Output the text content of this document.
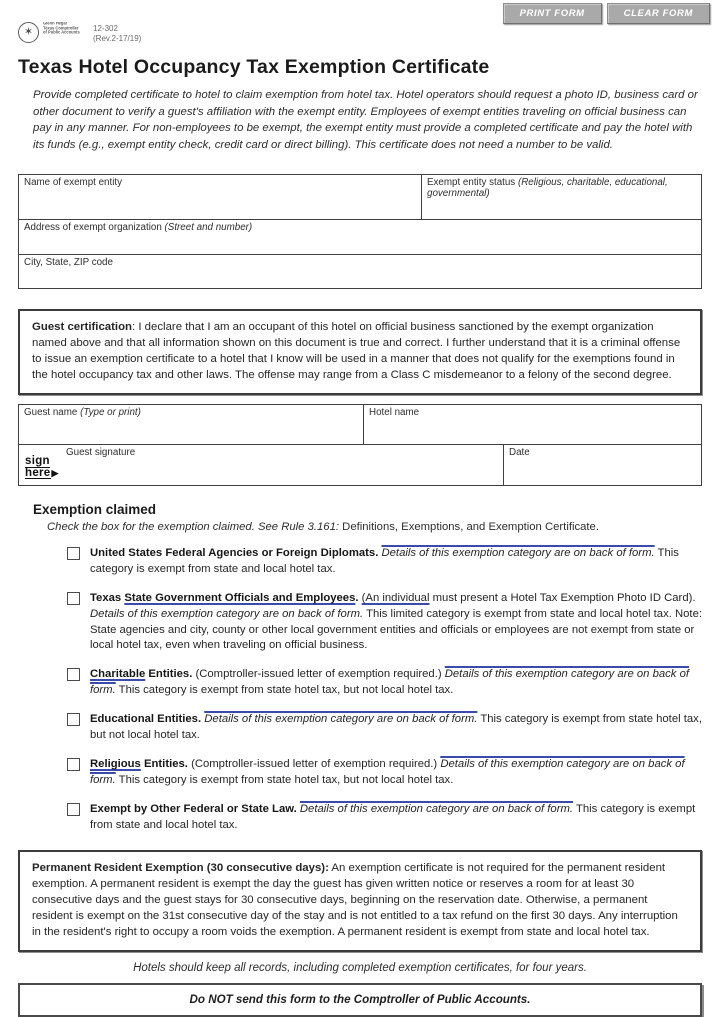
PRINT FORM	CLEAR FORM
✶
Glenn Hegar
Texas Comptroller
of Public Accounts	12-302
(Rev.2-17/19)
Texas Hotel Occupancy Tax Exemption Certificate

Provide completed certificate to hotel to claim exemption from hotel tax. Hotel operators should request a photo ID, business card or other document to verify a guest's affiliation with the exempt entity. Employees of exempt entities traveling on official business can pay in any manner. For non-employees to be exempt, the exempt entity must provide a completed certificate and pay the hotel with its funds (e.g., exempt entity check, credit card or direct billing). This certificate does not need a number to be valid.

Name of exempt entity	Exempt entity status (Religious, charitable, educational, governmental)
Address of exempt organization (Street and number)
City, State, ZIP code
Guest certification: I declare that I am an occupant of this hotel on official business sanctioned by the exempt organization named above and that all information shown on this document is true and correct. I further understand that it is a criminal offense to issue an exemption certificate to a hotel that I know will be used in a manner that does not qualify for the exemptions found in the hotel occupancy tax and other laws. The offense may range from a Class C misdemeanor to a felony of the second degree.
Guest name (Type or print)	Hotel name
Guest signature
sign
here▶
Date
Exemption claimed

Check the box for the exemption claimed. See Rule 3.161: Definitions, Exemptions, and Exemption Certificate.

United States Federal Agencies or Foreign Diplomats. Details of this exemption category are on back of form. This category is exempt from state and local hotel tax.

Texas State Government Officials and Employees. (An individual must present a Hotel Tax Exemption Photo ID Card). Details of this exemption category are on back of form. This limited category is exempt from state and local hotel tax. Note: State agencies and city, county or other local government entities and officials or employees are not exempt from state or local hotel tax, even when traveling on official business.

Charitable Entities. (Comptroller-issued letter of exemption required.) Details of this exemption category are on back of form. This category is exempt from state hotel tax, but not local hotel tax.

Educational Entities. Details of this exemption category are on back of form. This category is exempt from state hotel tax, but not local hotel tax.

Religious Entities. (Comptroller-issued letter of exemption required.) Details of this exemption category are on back of form. This category is exempt from state hotel tax, but not local hotel tax.

Exempt by Other Federal or State Law. Details of this exemption category are on back of form. This category is exempt from state and local hotel tax.

Permanent Resident Exemption (30 consecutive days): An exemption certificate is not required for the permanent resident exemption. A permanent resident is exempt the day the guest has given written notice or reserves a room for at least 30 consecutive days and the guest stays for 30 consecutive days, beginning on the reservation date. Otherwise, a permanent resident is exempt on the 31st consecutive day of the stay and is not entitled to a tax refund on the first 30 days. Any interruption in the resident's right to occupy a room voids the exemption. A permanent resident is exempt from state and local hotel tax.

Hotels should keep all records, including completed exemption certificates, for four years.

Do NOT send this form to the Comptroller of Public Accounts.
